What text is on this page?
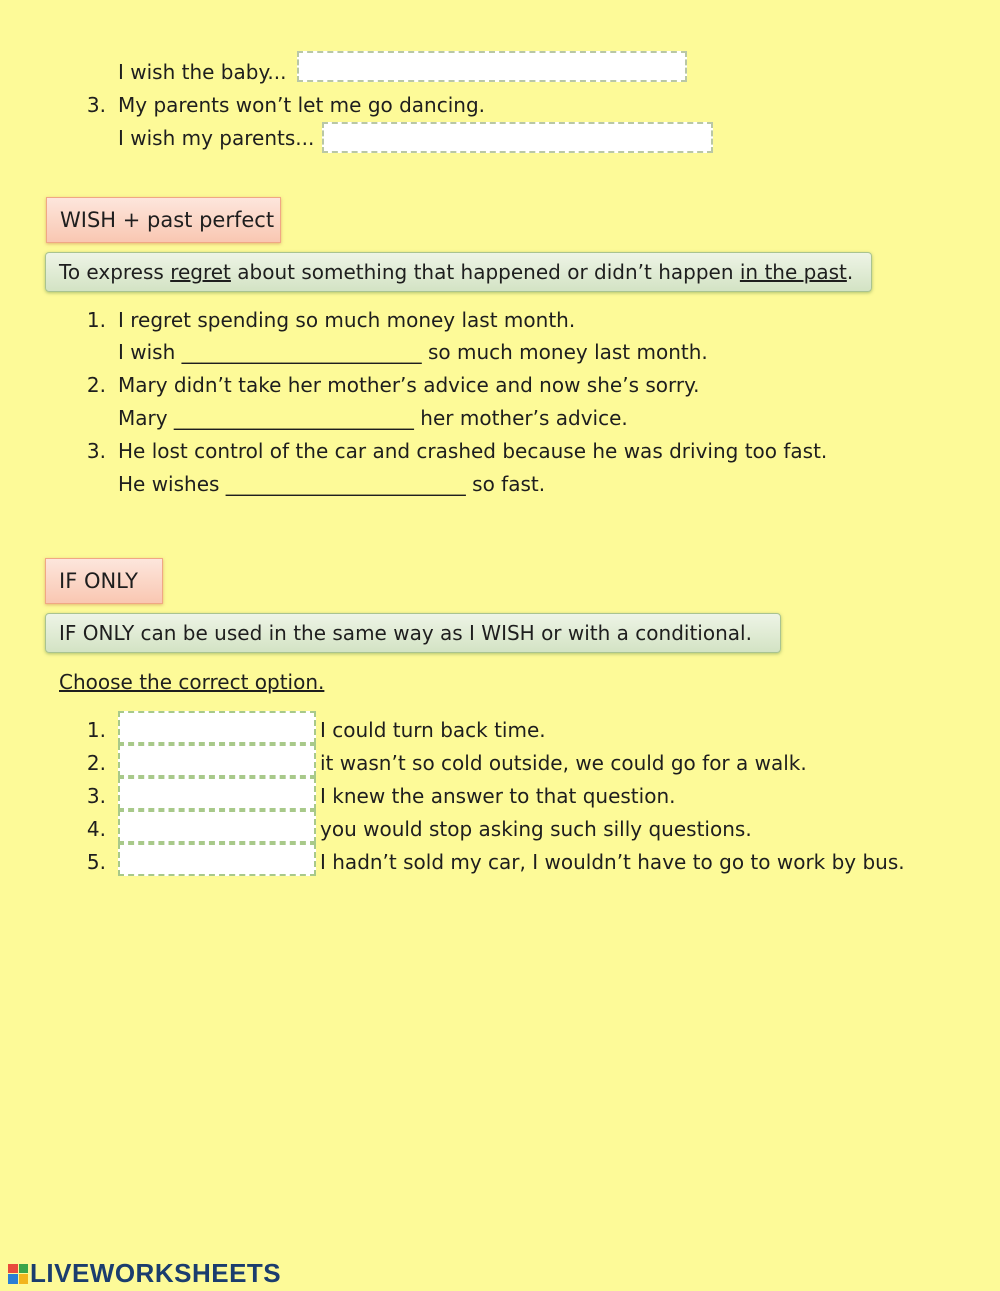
I wish the baby...
3. My parents won’t let me go dancing.
I wish my parents...
WISH + past perfect
To express regret about something that happened or didn’t happen in the past.
1. I regret spending so much money last month.
I wish ________________________ so much money last month.
2. Mary didn’t take her mother’s advice and now she’s sorry.
Mary ________________________ her mother’s advice.
3. He lost control of the car and crashed because he was driving too fast.
He wishes ________________________ so fast.
IF ONLY
IF ONLY can be used in the same way as I WISH or with a conditional.
Choose the correct option.
1.	I could turn back time.
2.	it wasn’t so cold outside, we could go for a walk.
3.	I knew the answer to that question.
4.	you would stop asking such silly questions.
5.	I hadn’t sold my car, I wouldn’t have to go to work by bus.
LIVEWORKSHEETS
